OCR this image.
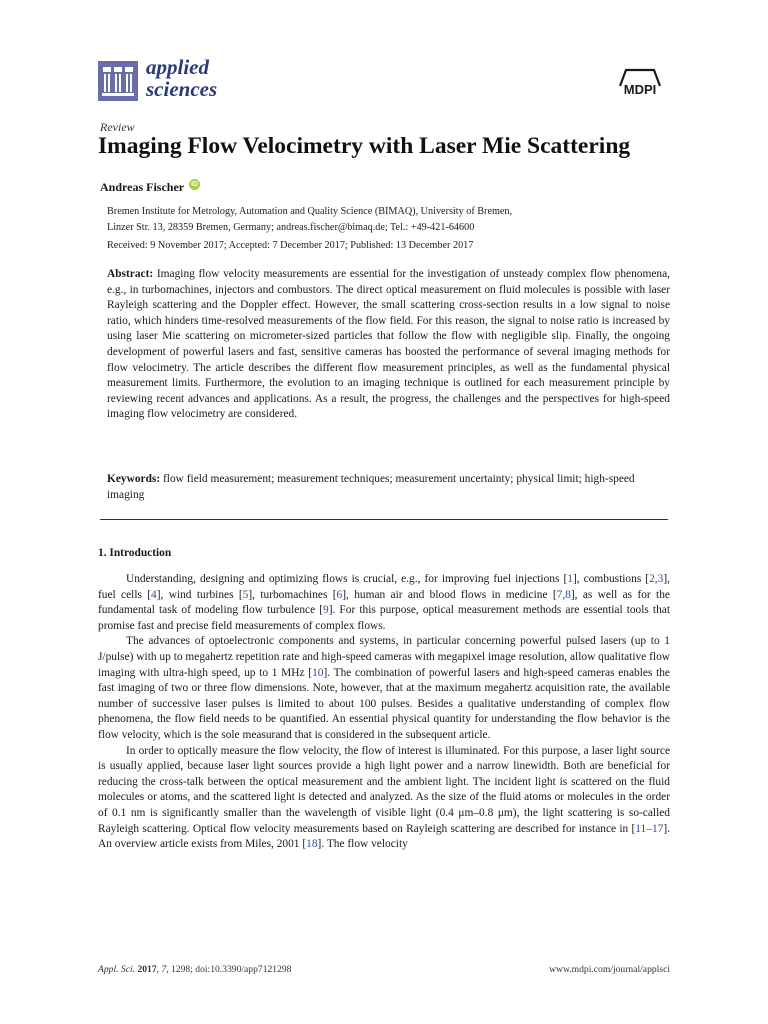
applied
sciences	MDPI
Review
Imaging Flow Velocimetry with Laser Mie Scattering
Andreas Fischer iD
Bremen Institute for Metrology, Automation and Quality Science (BIMAQ), University of Bremen,
Linzer Str. 13, 28359 Bremen, Germany; andreas.fischer@bimaq.de; Tel.: +49-421-64600
Received: 9 November 2017; Accepted: 7 December 2017; Published: 13 December 2017
Abstract: Imaging flow velocity measurements are essential for the investigation of unsteady complex flow phenomena, e.g., in turbomachines, injectors and combustors. The direct optical measurement on fluid molecules is possible with laser Rayleigh scattering and the Doppler effect. However, the small scattering cross-section results in a low signal to noise ratio, which hinders time-resolved measurements of the flow field. For this reason, the signal to noise ratio is increased by using laser Mie scattering on micrometer-sized particles that follow the flow with negligible slip. Finally, the ongoing development of powerful lasers and fast, sensitive cameras has boosted the performance of several imaging methods for flow velocimetry. The article describes the different flow measurement principles, as well as the fundamental physical measurement limits. Furthermore, the evolution to an imaging technique is outlined for each measurement principle by reviewing recent advances and applications. As a result, the progress, the challenges and the perspectives for high-speed imaging flow velocimetry are considered.
Keywords: flow field measurement; measurement techniques; measurement uncertainty; physical limit; high-speed imaging
1. Introduction

Understanding, designing and optimizing flows is crucial, e.g., for improving fuel injections [1], combustions [2,3], fuel cells [4], wind turbines [5], turbomachines [6], human air and blood flows in medicine [7,8], as well as for the fundamental task of modeling flow turbulence [9]. For this purpose, optical measurement methods are essential tools that promise fast and precise field measurements of complex flows.

The advances of optoelectronic components and systems, in particular concerning powerful pulsed lasers (up to 1 J/pulse) with up to megahertz repetition rate and high-speed cameras with megapixel image resolution, allow qualitative flow imaging with ultra-high speed, up to 1 MHz [10]. The combination of powerful lasers and high-speed cameras enables the fast imaging of two or three flow dimensions. Note, however, that at the maximum megahertz acquisition rate, the available number of successive laser pulses is limited to about 100 pulses. Besides a qualitative understanding of complex flow phenomena, the flow field needs to be quantified. An essential physical quantity for understanding the flow behavior is the flow velocity, which is the sole measurand that is considered in the subsequent article.

In order to optically measure the flow velocity, the flow of interest is illuminated. For this purpose, a laser light source is usually applied, because laser light sources provide a high light power and a narrow linewidth. Both are beneficial for reducing the cross-talk between the optical measurement and the ambient light. The incident light is scattered on the fluid molecules or atoms, and the scattered light is detected and analyzed. As the size of the fluid atoms or molecules in the order of 0.1 nm is significantly smaller than the wavelength of visible light (0.4 μm–0.8 μm), the light scattering is so-called Rayleigh scattering. Optical flow velocity measurements based on Rayleigh scattering are described for instance in [11–17]. An overview article exists from Miles, 2001 [18]. The flow velocity

Appl. Sci. 2017, 7, 1298; doi:10.3390/app7121298	www.mdpi.com/journal/applsci
